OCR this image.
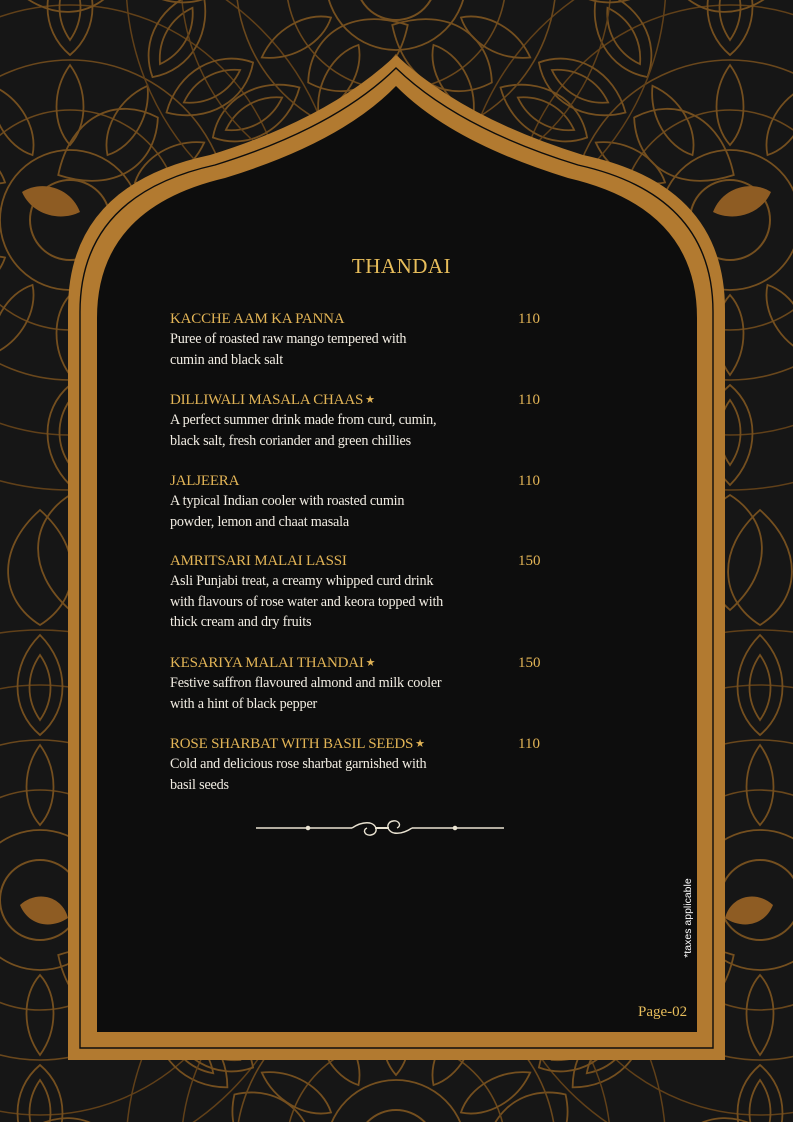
THANDAI
KACCHE AAM KA PANNA	110
Puree of roasted raw mango tempered with
cumin and black salt
DILLIWALI MASALA CHAAS ★	110
A perfect summer drink made from curd, cumin,
black salt, fresh coriander and green chillies
JALJEERA	110
A typical Indian cooler with roasted cumin
powder, lemon and chaat masala
AMRITSARI MALAI LASSI	150
Asli Punjabi treat, a creamy whipped curd drink
with flavours of rose water and keora topped with
thick cream and dry fruits
KESARIYA MALAI THANDAI ★	150
Festive saffron flavoured almond and milk cooler
with a hint of black pepper
ROSE SHARBAT WITH BASIL SEEDS ★	110
Cold and delicious rose sharbat garnished with
basil seeds
*taxes applicable
Page-02
